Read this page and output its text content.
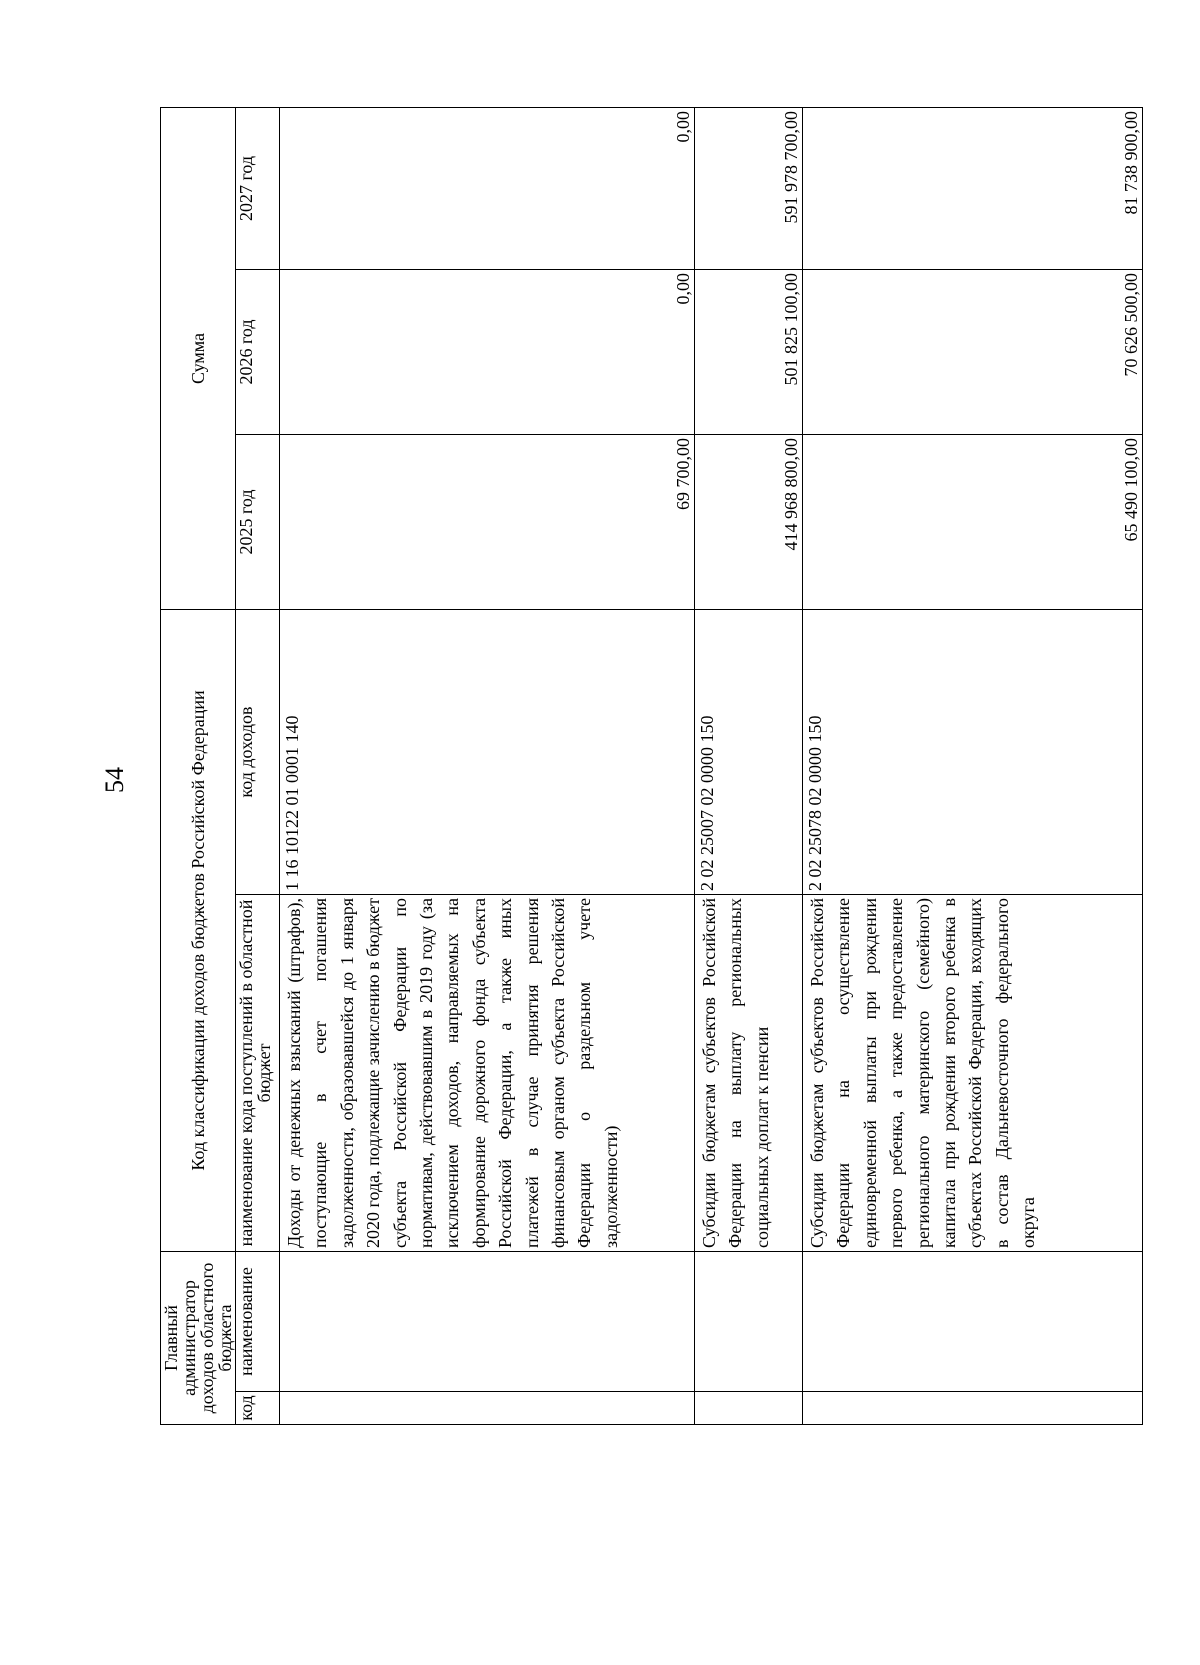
54
Главный администратор доходов областного бюджета		Код классификации доходов бюджетов Российской Федерации		Сумма		
код	наименование	наименование кода поступлений в областной бюджет	код доходов	2025 год	2026 год	2027 год
		Доходы от денежных взысканий (штрафов), поступающие в счет погашения задолженности, образовавшейся до 1 января 2020 года, подлежащие зачислению в бюджет субъекта Российской Федерации по нормативам, действовавшим в 2019 году (за исключением доходов, направляемых на формирование дорожного фонда субъекта Российской Федерации, а также иных платежей в случае принятия решения финансовым органом субъекта Российской Федерации о раздельном учете задолженности)	1 16 10122 01 0001 140	69 700,00	0,00	0,00
		Субсидии бюджетам субъектов Российской Федерации на выплату региональных социальных доплат к пенсии	2 02 25007 02 0000 150	414 968 800,00	501 825 100,00	591 978 700,00
		Субсидии бюджетам субъектов Российской Федерации на осуществление единовременной выплаты при рождении первого ребенка, а также предоставление регионального материнского (семейного) капитала при рождении второго ребенка в субъектах Российской Федерации, входящих в состав Дальневосточного федерального округа	2 02 25078 02 0000 150	65 490 100,00	70 626 500,00	81 738 900,00
